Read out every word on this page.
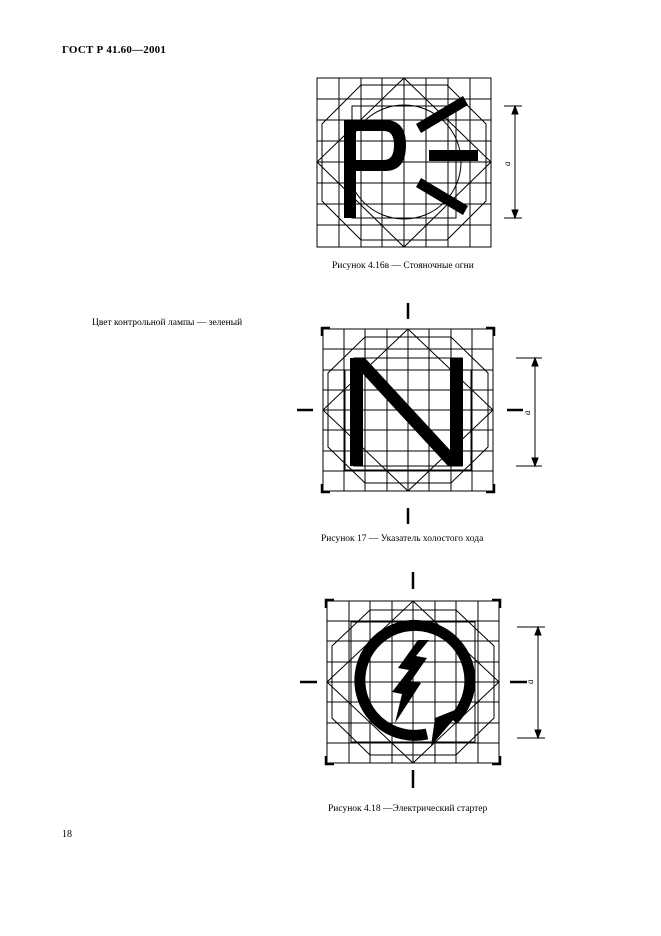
ГОСТ Р 41.60—2001
a
Рисунок 4.16в — Стояночные огни
Цвет контрольной лампы — зеленый
a
Рисунок 17 — Указатель холостого хода
a
Рисунок 4.18 —Электрический стартер
18
